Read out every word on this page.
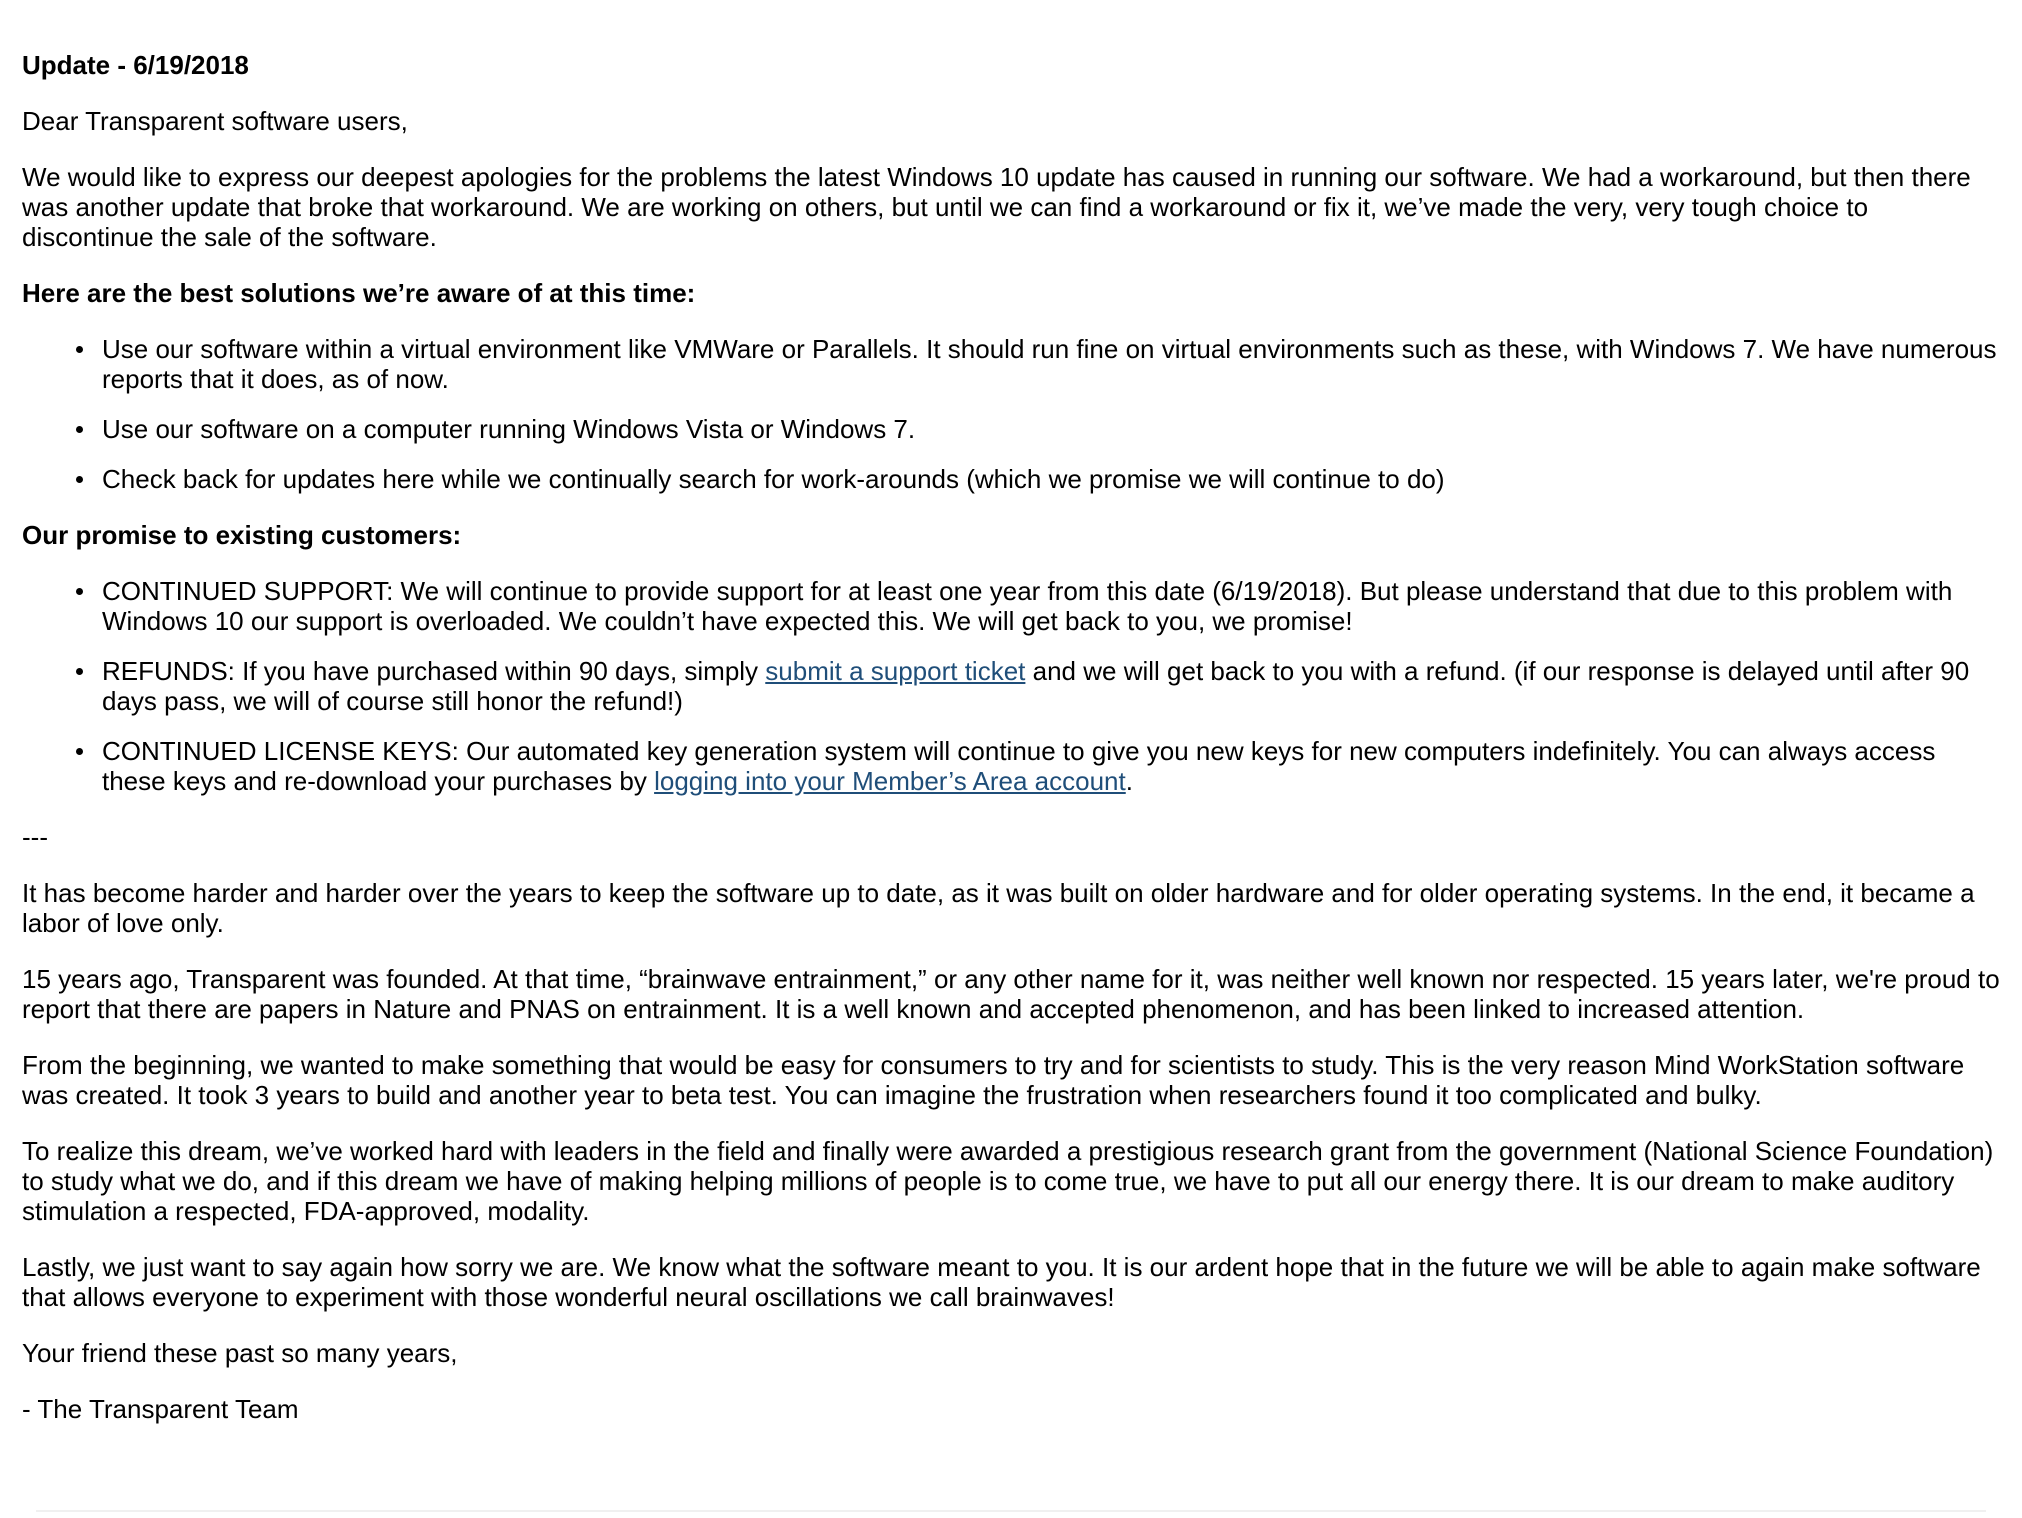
Update - 6/19/2018
Dear Transparent software users,
We would like to express our deepest apologies for the problems the latest Windows 10 update has caused in running our software. We had a workaround, but then there was another update that broke that workaround. We are working on others, but until we can find a workaround or fix it, we’ve made the very, very tough choice to discontinue the sale of the software.
Here are the best solutions we’re aware of at this time:
Use our software within a virtual environment like VMWare or Parallels. It should run fine on virtual environments such as these, with Windows 7. We have numerous reports that it does, as of now.
Use our software on a computer running Windows Vista or Windows 7.
Check back for updates here while we continually search for work-arounds (which we promise we will continue to do)
Our promise to existing customers:
CONTINUED SUPPORT: We will continue to provide support for at least one year from this date (6/19/2018). But please understand that due to this problem with Windows 10 our support is overloaded. We couldn’t have expected this. We will get back to you, we promise!
REFUNDS: If you have purchased within 90 days, simply submit a support ticket and we will get back to you with a refund. (if our response is delayed until after 90 days pass, we will of course still honor the refund!)
CONTINUED LICENSE KEYS: Our automated key generation system will continue to give you new keys for new computers indefinitely. You can always access these keys and re-download your purchases by logging into your Member’s Area account.
---
It has become harder and harder over the years to keep the software up to date, as it was built on older hardware and for older operating systems. In the end, it became a labor of love only.
15 years ago, Transparent was founded. At that time, “brainwave entrainment,” or any other name for it, was neither well known nor respected. 15 years later, we're proud to report that there are papers in Nature and PNAS on entrainment. It is a well known and accepted phenomenon, and has been linked to increased attention.
From the beginning, we wanted to make something that would be easy for consumers to try and for scientists to study. This is the very reason Mind WorkStation software was created. It took 3 years to build and another year to beta test. You can imagine the frustration when researchers found it too complicated and bulky.
To realize this dream, we’ve worked hard with leaders in the field and finally were awarded a prestigious research grant from the government (National Science Foundation) to study what we do, and if this dream we have of making helping millions of people is to come true, we have to put all our energy there. It is our dream to make auditory stimulation a respected, FDA-approved, modality.
Lastly, we just want to say again how sorry we are. We know what the software meant to you. It is our ardent hope that in the future we will be able to again make software that allows everyone to experiment with those wonderful neural oscillations we call brainwaves!
Your friend these past so many years,
- The Transparent Team
